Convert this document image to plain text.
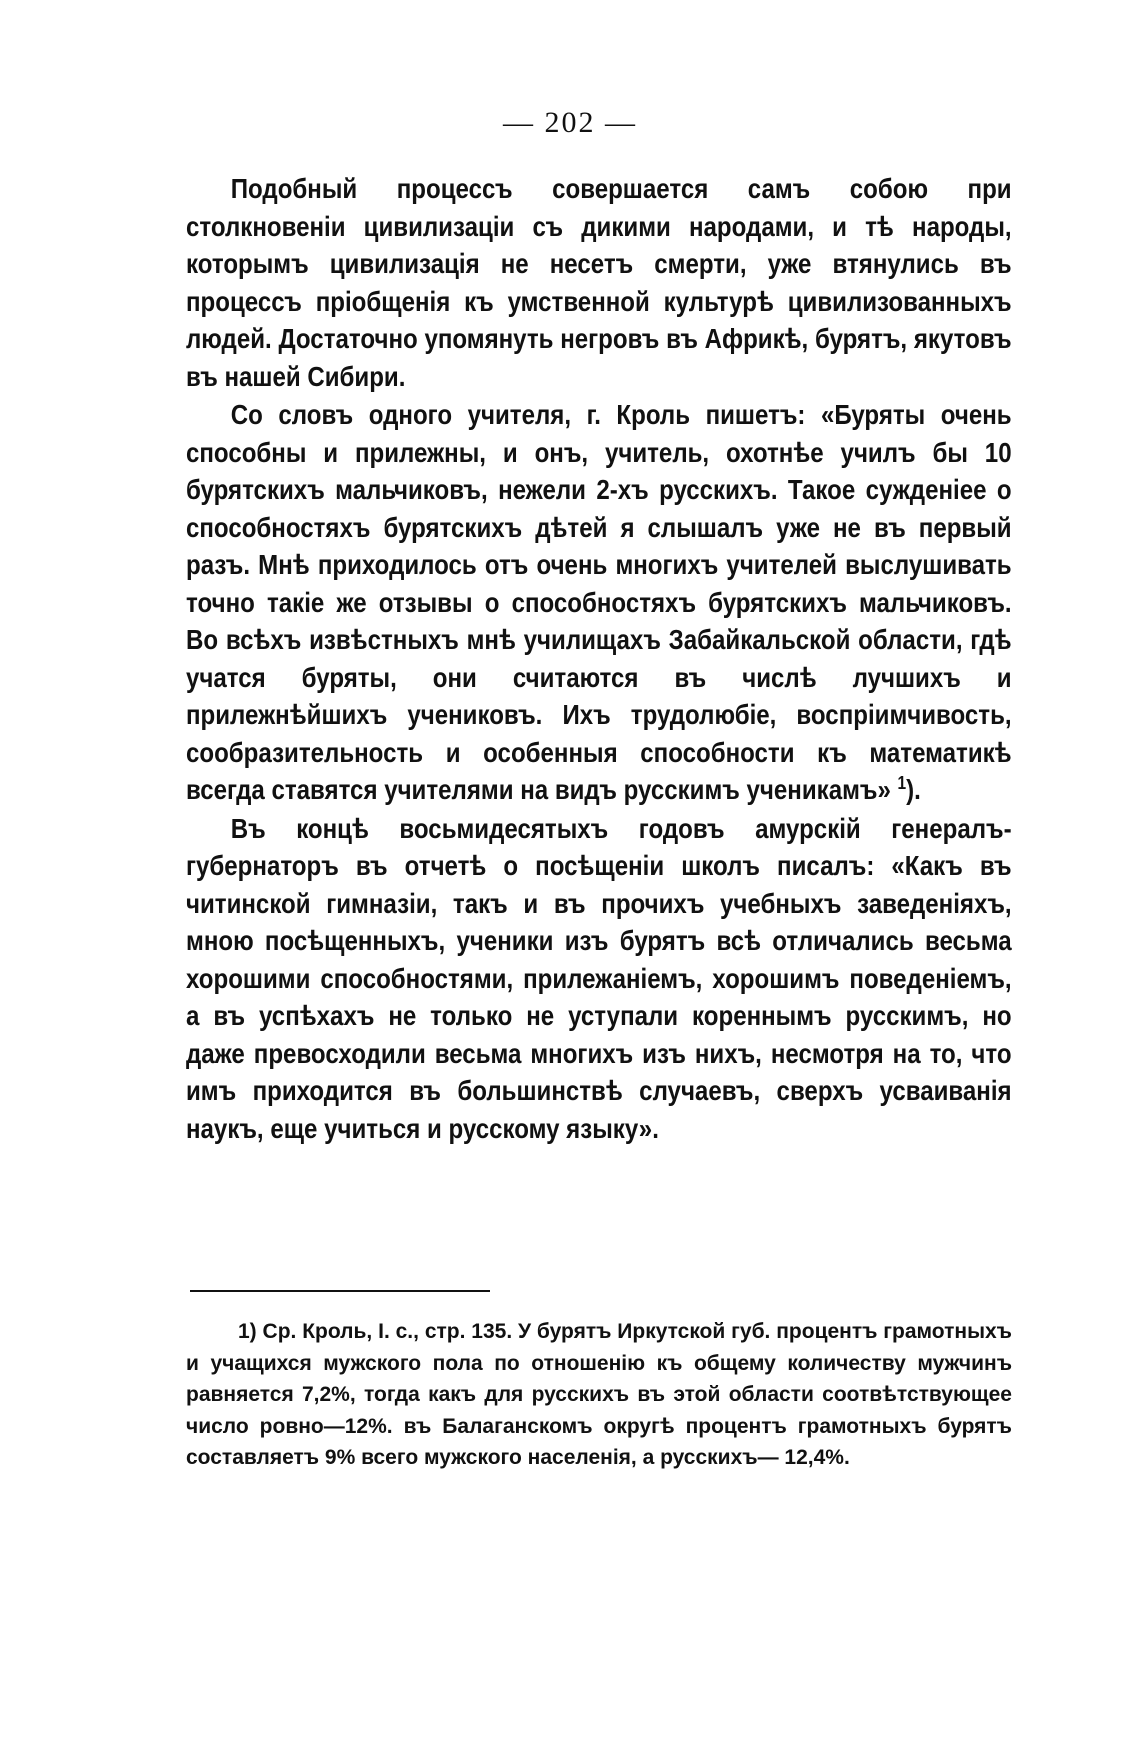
— 202 —

Подобный процессъ совершается самъ собою при столкновеніи цивилизаціи съ дикими народами, и тѣ народы, которымъ цивилизація не несетъ смерти, уже втянулись въ процессъ пріобщенія къ умственной культурѣ цивилизованныхъ людей. Достаточно упомянуть негровъ въ Африкѣ, бурятъ, якутовъ въ нашей Сибири.

Со словъ одного учителя, г. Кроль пишетъ: «Буряты очень способны и прилежны, и онъ, учитель, охотнѣе училъ бы 10 бурятскихъ мальчиковъ, нежели 2-хъ русскихъ. Такое сужденіее о способностяхъ бурятскихъ дѣтей я слышалъ уже не въ первый разъ. Мнѣ приходилось отъ очень многихъ учителей выслушивать точно такіе же отзывы о способностяхъ бурятскихъ мальчиковъ. Во всѣхъ извѣстныхъ мнѣ училищахъ Забайкальской области, гдѣ учатся буряты, они считаются въ числѣ лучшихъ и прилежнѣйшихъ учениковъ. Ихъ трудолюбіе, воспріимчивость, сообразительность и особенныя способности къ математикѣ всегда ставятся учителями на видъ русскимъ ученикамъ» $^1$).

Въ концѣ восьмидесятыхъ годовъ амурскій генералъ-губернаторъ въ отчетѣ о посѣщеніи школъ писалъ: «Какъ въ читинской гимназіи, такъ и въ прочихъ учебныхъ заведеніяхъ, мною посѣщенныхъ, ученики изъ бурятъ всѣ отличались весьма хорошими способностями, прилежаніемъ, хорошимъ поведеніемъ, а въ успѣхахъ не только не уступали кореннымъ русскимъ, но даже превосходили весьма многихъ изъ нихъ, несмотря на то, что имъ приходится въ большинствѣ случаевъ, сверхъ усваиванія наукъ, еще учиться и русскому языку».

1) Ср. Кроль, I. c., стр. 135. У бурятъ Иркутской губ. процентъ грамотныхъ и учащихся мужского пола по отношенію къ общему количеству мужчинъ равняется 7,2%, тогда какъ для русскихъ въ этой области соотвѣтствующее число ровно—12%. въ Балаганскомъ округѣ процентъ грамотныхъ бурятъ составляетъ 9% всего мужского населенія, а русскихъ— 12,4%.
